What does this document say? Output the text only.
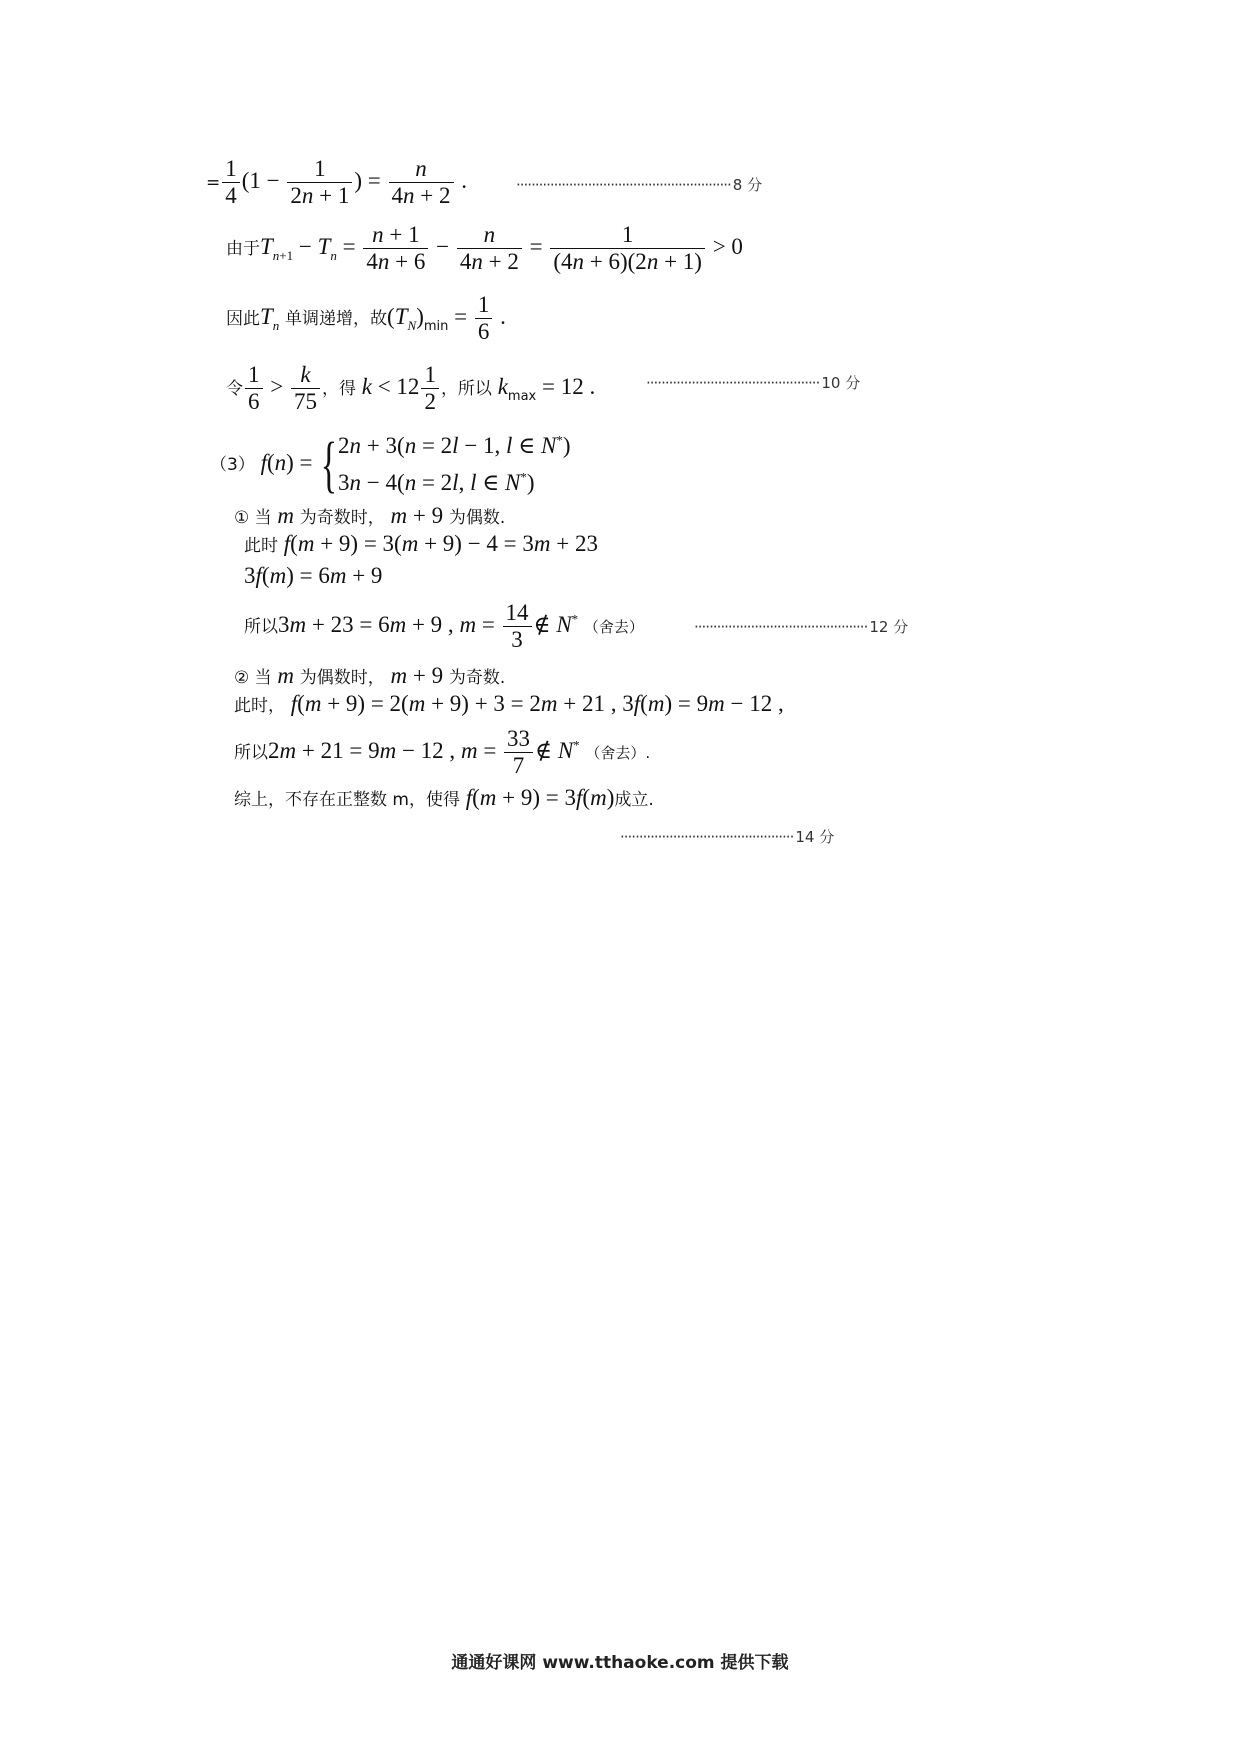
= $\frac{1}{4} (1 - \frac{1}{2n + 1}$ ) = $\frac{n}{4n + 2}$ .	························································· 8 分
由于$T_{n+1} - T_n = \frac{n + 1}{4n + 6} - \frac{n}{4n + 2} = \frac{1}{(4n + 6)(2n + 1)} > 0$
因此$T_n$ 单调递增，故$(T_N)_{min} = \frac{1}{6}$ .
令 $\frac{1}{6} > \frac{k}{75}$ ，得 $k < 12 \frac{1}{2}$ ，所以 $k_{max} = 12$ .	·············································· 10 分
（3） f(n) = { 2n + 3(n = 2l − 1, l ∈ N*)
3n − 4(n = 2l, l ∈ N*)
① 当 m 为奇数时， m + 9 为偶数.
此时 f(m + 9) = 3(m + 9) − 4 = 3m + 23
3f(m) = 6m + 9
所以3m + 23 = 6m + 9 , $m = \frac{14}{3}$ ∉ N* （舍去）	·············································· 12 分
② 当 m 为偶数时， m + 9 为奇数.
此时， f(m + 9) = 2(m + 9) + 3 = 2m + 21 , 3f(m) = 9m − 12 ,
所以2m + 21 = 9m − 12 , $m = \frac{33}{7}$ ∉ N* （舍去）.
综上，不存在正整数 m，使得 f(m + 9) = 3f(m)成立.
·············································· 14 分
通通好课网 www.tthaoke.com 提供下载
